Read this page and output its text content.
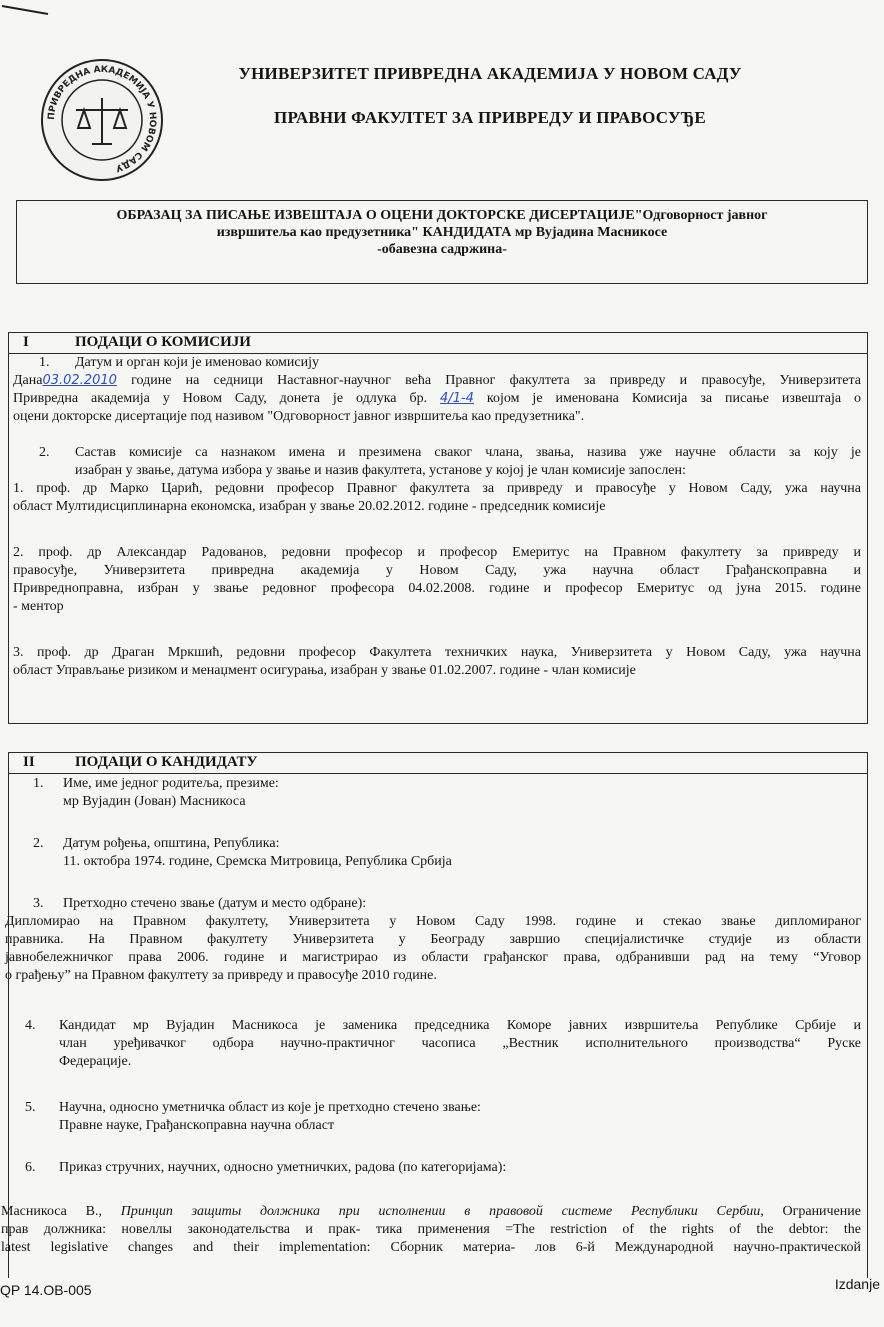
ПРИВРЕДНА АКАДЕМИЈА У НОВОМ САДУ
УНИВЕРЗИТЕТ ПРИВРЕДНА АКАДЕМИЈА У НОВОМ САДУ
ПРАВНИ ФАКУЛТЕТ ЗА ПРИВРЕДУ И ПРАВОСУЂЕ
ОБРАЗАЦ ЗА ПИСАЊЕ ИЗВЕШТАЈА О ОЦЕНИ ДОКТОРСКЕ ДИСЕРТАЦИЈЕ"Одговорност јавног
извршитеља као предузетника" КАНДИДАТА мр Вујадина Масникосе
-обавезна садржина-
I	ПОДАЦИ О КОМИСИЈИ
1. Датум и орган који је именовао комисију
Дана03.02.2010 године на седници Наставног-научног већа Правног факултета за привреду и правосуђе, Универзитета
Привредна академија у Новом Саду, донета је одлука бр. 4/1-4 којом је именована Комисија за писање извештаја о
оцени докторске дисертације под називом "Одговорност јавног извршитеља као предузетника".
2. Састав комисије са назнаком имена и презимена сваког члана, звања, назива уже научне области за коју је
изабран у звање, датума избора у звање и назив факултета, установе у којој је члан комисије запослен:
1. проф. др Марко Царић, редовни професор Правног факултета за привреду и правосуђе у Новом Саду, ужа научна
област Мултидисциплинарна економска, изабран у звање 20.02.2012. године - председник комисије
2. проф. др Александар Радованов, редовни професор и професор Емеритус на Правном факултету за привреду и
правосуђе, Универзитета привредна академија у Новом Саду, ужа научна област Грађанскоправна и
Привредноправна, избран у звање редовног професора 04.02.2008. године и професор Емеритус од јуна 2015. године
- ментор
3. проф. др Драган Мркшић, редовни професор Факултета техничких наука, Универзитета у Новом Саду, ужа научна
област Управљање ризиком и менаџмент осигурања, изабран у звање 01.02.2007. године - члан комисије
II	ПОДАЦИ О КАНДИДАТУ
1. Име, име једног родитеља, презиме:
мр Вујадин (Јован) Масникоса
2. Датум рођења, општина, Република:
11. октобра 1974. године, Сремска Митровица, Република Србија
3. Претходно стечено звање (датум и место одбране):
Дипломирао на Правном факултету, Универзитета у Новом Саду 1998. године и стекао звање дипломираног
правника. На Правном факултету Универзитета у Београду завршио специјалистичке студије из области
јавнобележничког права 2006. године и магистрирао из области грађанског права, одбранивши рад на тему “Уговор
о грађењу” на Правном факултету за привреду и правосуђе 2010 године.
4. Кандидат мр Вујадин Масникоса је заменика председника Коморе јавних извршитеља Републике Србије и
члан уређивачког одбора научно-практичног часописа „Вестник исполнительного производства“ Руске
Федерације.
5. Научна, односно уметничка област из које је претходно стечено звање:
Правне науке, Грађанскоправна научна област
6. Приказ стручних, научних, односно уметничких, радова (по категоријама):
Масникоса В., Принцип защиты должника при исполнении в правовой системе Республики Сербии, Ограничение
прав должника: новеллы законодательства и прак- тика применения =The restriction of the rights of the debtor: the
latest legislative changes and their implementation: Сборник материа- лов 6-й Международной научно-практической
QP 14.OB-005	Izdanje
